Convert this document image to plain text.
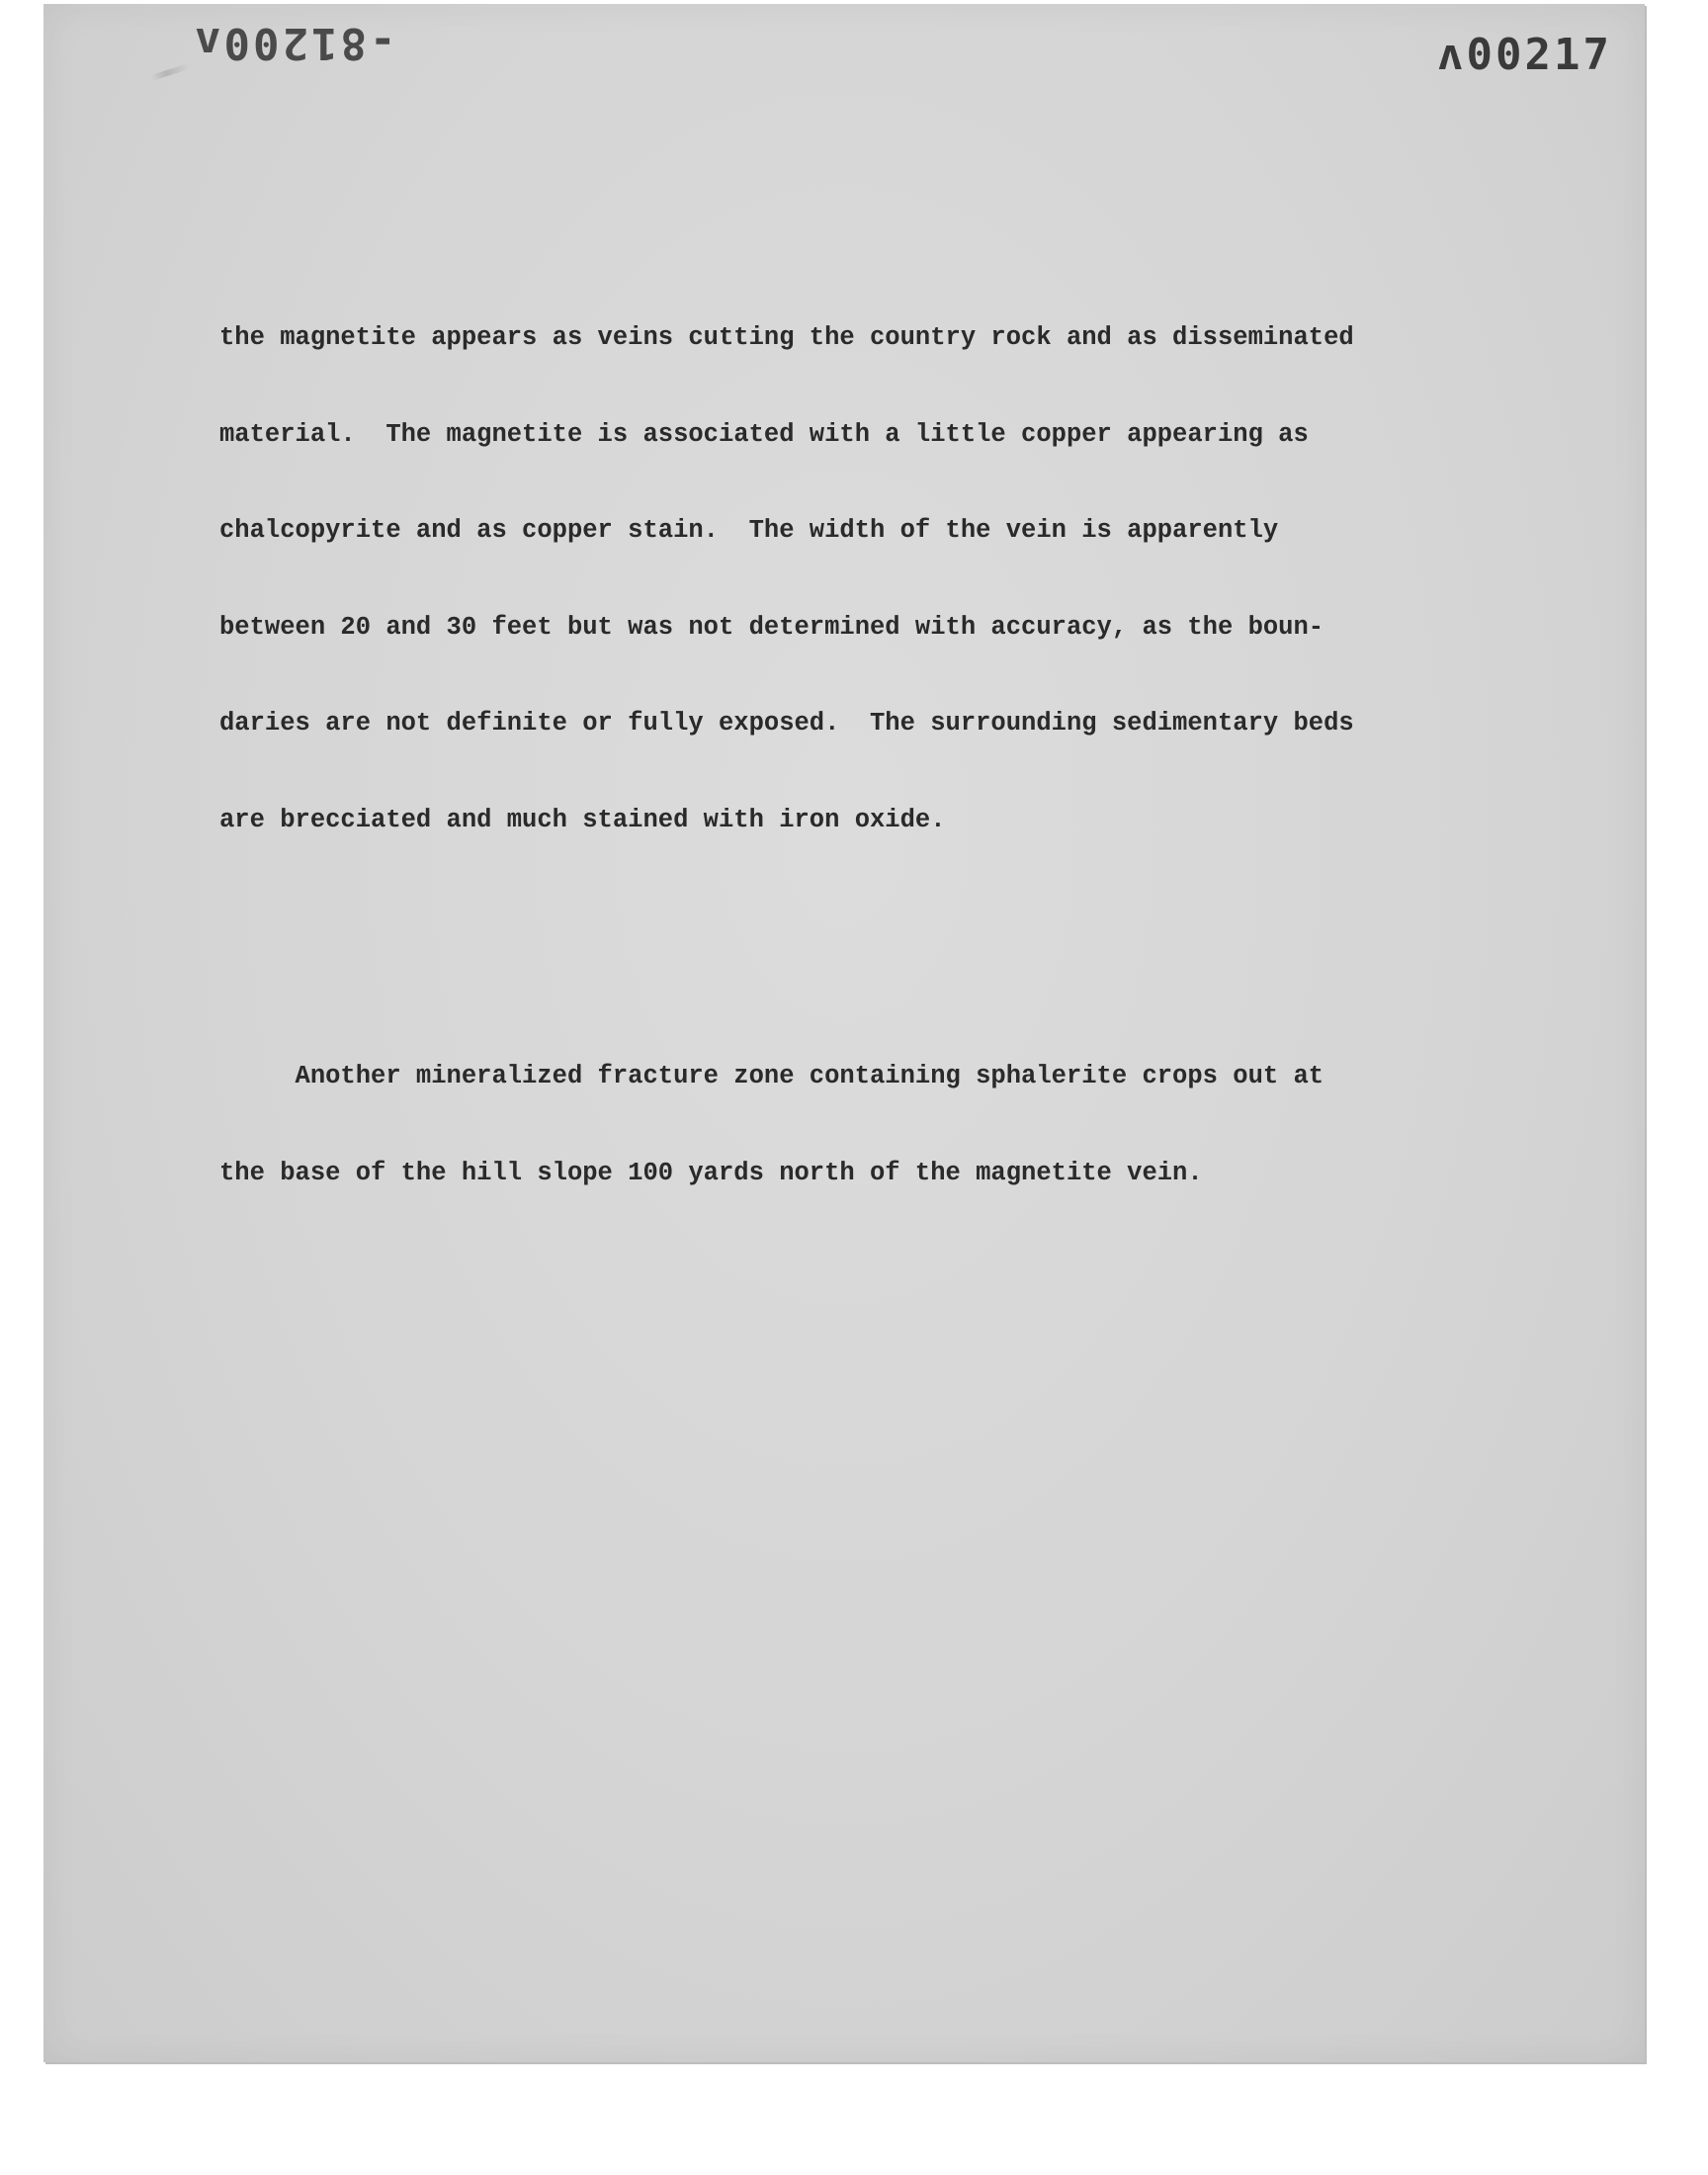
-81200ʌ	ʌ00217

the magnetite appears as veins cutting the country rock and as disseminated

material.  The magnetite is associated with a little copper appearing as

chalcopyrite and as copper stain.  The width of the vein is apparently

between 20 and 30 feet but was not determined with accuracy, as the boun-

daries are not definite or fully exposed.  The surrounding sedimentary beds

are brecciated and much stained with iron oxide.

Another mineralized fracture zone containing sphalerite crops out at

the base of the hill slope 100 yards north of the magnetite vein.
